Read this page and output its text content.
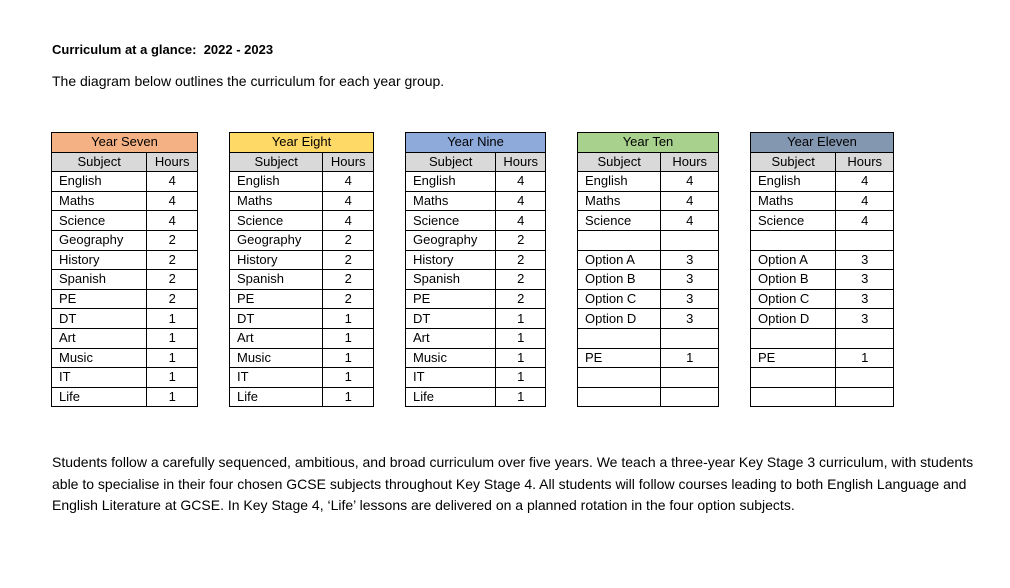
Curriculum at a glance:  2022 - 2023
The diagram below outlines the curriculum for each year group.
Year Seven	
Subject	Hours
English	4
Maths	4
Science	4
Geography	2
History	2
Spanish	2
PE	2
DT	1
Art	1
Music	1
IT	1
Life	1
Year Eight	
Subject	Hours
English	4
Maths	4
Science	4
Geography	2
History	2
Spanish	2
PE	2
DT	1
Art	1
Music	1
IT	1
Life	1
Year Nine	
Subject	Hours
English	4
Maths	4
Science	4
Geography	2
History	2
Spanish	2
PE	2
DT	1
Art	1
Music	1
IT	1
Life	1
Year Ten	
Subject	Hours
English	4
Maths	4
Science	4

Option A	3
Option B	3
Option C	3
Option D	3

PE	1

Year Eleven	
Subject	Hours
English	4
Maths	4
Science	4

Option A	3
Option B	3
Option C	3
Option D	3

PE	1

Students follow a carefully sequenced, ambitious, and broad curriculum over five years. We teach a three-year Key Stage 3 curriculum, with students able to specialise in their four chosen GCSE subjects throughout Key Stage 4. All students will follow courses leading to both English Language and English Literature at GCSE. In Key Stage 4, ‘Life’ lessons are delivered on a planned rotation in the four option subjects.
